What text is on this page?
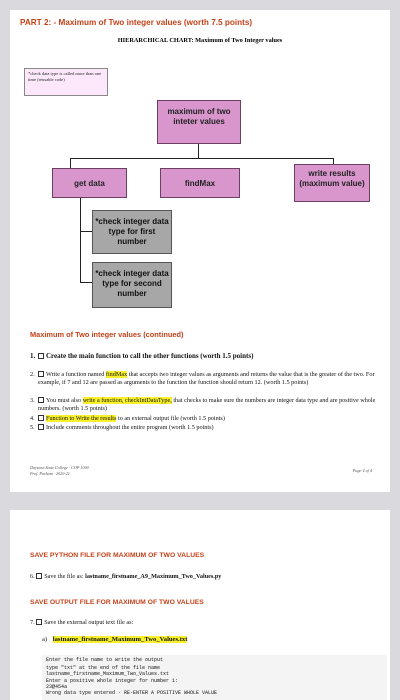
PART 2: - Maximum of Two integer values (worth 7.5 points)
HIERARCHICAL CHART: Maximum of Two Integer values
*check data type is called more than one time (reusable code)
maximum of two inteter values
get data	findMax
write results (maximum value)
*check integer data type for first number
*check integer data type for second number
Maximum of Two integer values (continued)
1. Create the main function to call the other functions (worth 1.5 points)
2. Write a function named findMax that accepts two integer values as arguments and returns the value that is the greater of the two. For example, if 7 and 12 are passed as arguments to the function the function should return 12. (worth 1.5 points)
3. You must also write a function, checkIntDataType, that checks to make sure the numbers are integer data type and are positive whole numbers. (worth 1.5 points)
4. Function to Write the results to an external output file (worth 1.5 points)
5. Include comments throughout the entire program (worth 1.5 points)
Daytona State College · COP 1000
Prof. Parham · 2020-21
Page 4 of 4
SAVE PYTHON FILE FOR MAXIMUM OF TWO VALUES
6. Save the file as: lastname_firstname_A9_Maximum_Two_Values.py
SAVE OUTPUT FILE FOR MAXIMUM OF TWO VALUES
7. Save the external output text file as:
a) lastname_firstname_Maximum_Two_Values.txt
Enter the file name to write the output
type "txt" at the end of the file name
lastname_firstname_Maximum_Two_Values.txt
Enter a positive whole integer for number 1:
23@454a
Wrong data type entered - RE-ENTER A POSITIVE WHOLE VALUE
